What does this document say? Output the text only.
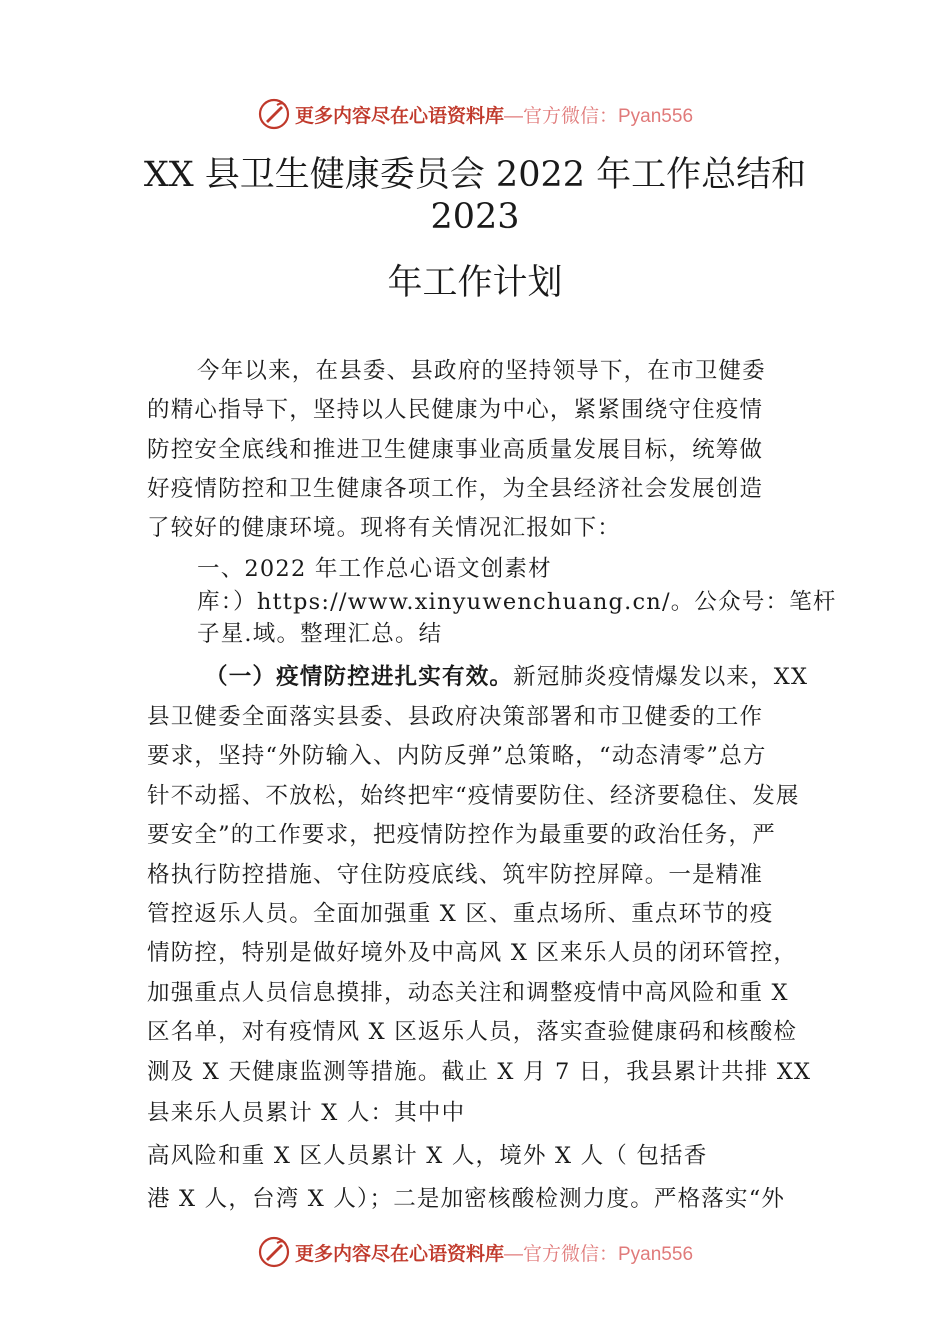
更多内容尽在心语资料库 —官方微信：Pyan556
XX 县卫生健康委员会 2022 年工作总结和
2023
年工作计划
今年以来，在县委、县政府的坚持领导下，在市卫健委
的精心指导下，坚持以人民健康为中心，紧紧围绕守住疫情
防控安全底线和推进卫生健康事业高质量发展目标，统筹做
好疫情防控和卫生健康各项工作，为全县经济社会发展创造
了较好的健康环境。现将有关情况汇报如下：
一、2022 年工作总心语文创素材
库：）https://www.xinyuwenchuang.cn/。公众号：笔杆
子星.域。整理汇总。结
（一）疫情防控进扎实有效。新冠肺炎疫情爆发以来，XX
县卫健委全面落实县委、县政府决策部署和市卫健委的工作
要求，坚持“外防输入、内防反弹”总策略，“动态清零”总方
针不动摇、不放松，始终把牢“疫情要防住、经济要稳住、发展
要安全”的工作要求，把疫情防控作为最重要的政治任务，严
格执行防控措施、守住防疫底线、筑牢防控屏障。一是精准
管控返乐人员。全面加强重 X 区、重点场所、重点环节的疫
情防控，特别是做好境外及中高风 X 区来乐人员的闭环管控，
加强重点人员信息摸排，动态关注和调整疫情中高风险和重 X
区名单，对有疫情风 X 区返乐人员，落实查验健康码和核酸检
测及 X 天健康监测等措施。截止 X 月 7 日，我县累计共排 XX
县来乐人员累计 X 人：其中中
高风险和重 X 区人员累计 X 人，境外 X 人（ 包括香
港 X 人，台湾 X 人）；二是加密核酸检测力度。严格落实“外
更多内容尽在心语资料库 —官方微信：Pyan556
